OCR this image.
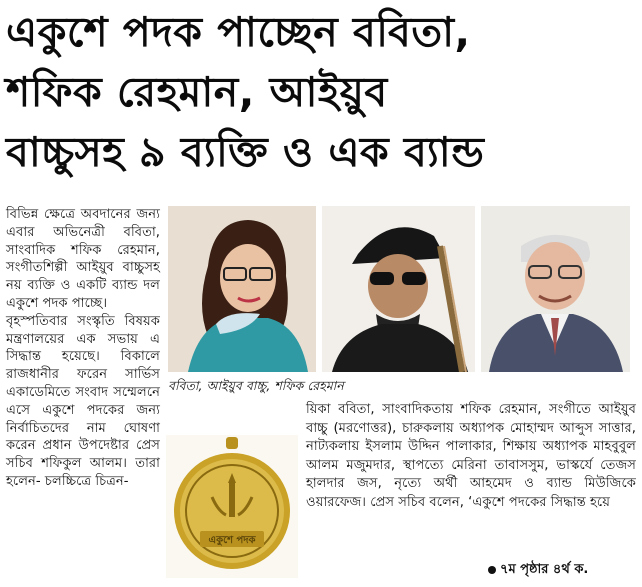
একুশে পদক পাচ্ছেন ববিতা,
শফিক রেহমান, আইয়ুব
বাচ্চুসহ ৯ ব্যক্তি ও এক ব্যান্ড

বিভিন্ন ক্ষেত্রে অবদানের জন্য এবার অভিনেত্রী ববিতা, সাংবাদিক শফিক রেহমান, সংগীতশিল্পী আইয়ুব বাচ্চুসহ নয় ব্যক্তি ও একটি ব্যান্ড দল একুশে পদক পাচ্ছে।

বৃহস্পতিবার সংস্কৃতি বিষয়ক মন্ত্রণালয়ের এক সভায় এ সিদ্ধান্ত হয়েছে। বিকালে রাজধানীর ফরেন সার্ভিস একাডেমিতে সংবাদ সম্মেলনে এসে একুশে পদকের জন্য নির্বাচিতদের নাম ঘোষণা করেন প্রধান উপদেষ্টার প্রেস সচিব শফিকুল আলম। তারা হলেন- চলচ্চিত্রে চিত্রন-

ববিতা, আইয়ুব বাচ্চু, শফিক রেহমান
একুশে পদক

য়িকা ববিতা, সাংবাদিকতায় শফিক রেহমান, সংগীতে আইয়ুব বাচ্চু (মরণোত্তর), চারুকলায় অধ্যাপক মোহাম্মদ আব্দুস সাত্তার, নাট্যকলায় ইসলাম উদ্দিন পালাকার, শিক্ষায় অধ্যাপক মাহবুবুল আলম মজুমদার, স্থাপত্যে মেরিনা তাবাসসুম, ভাস্কর্যে তেজস হালদার জস, নৃত্যে অর্থী আহমেদ ও ব্যান্ড মিউজিকে ওয়ারফেজ। প্রেস সচিব বলেন, ‘একুশে পদকের সিদ্ধান্ত হয়ে

৭ম পৃষ্ঠার ৪র্থ ক.
